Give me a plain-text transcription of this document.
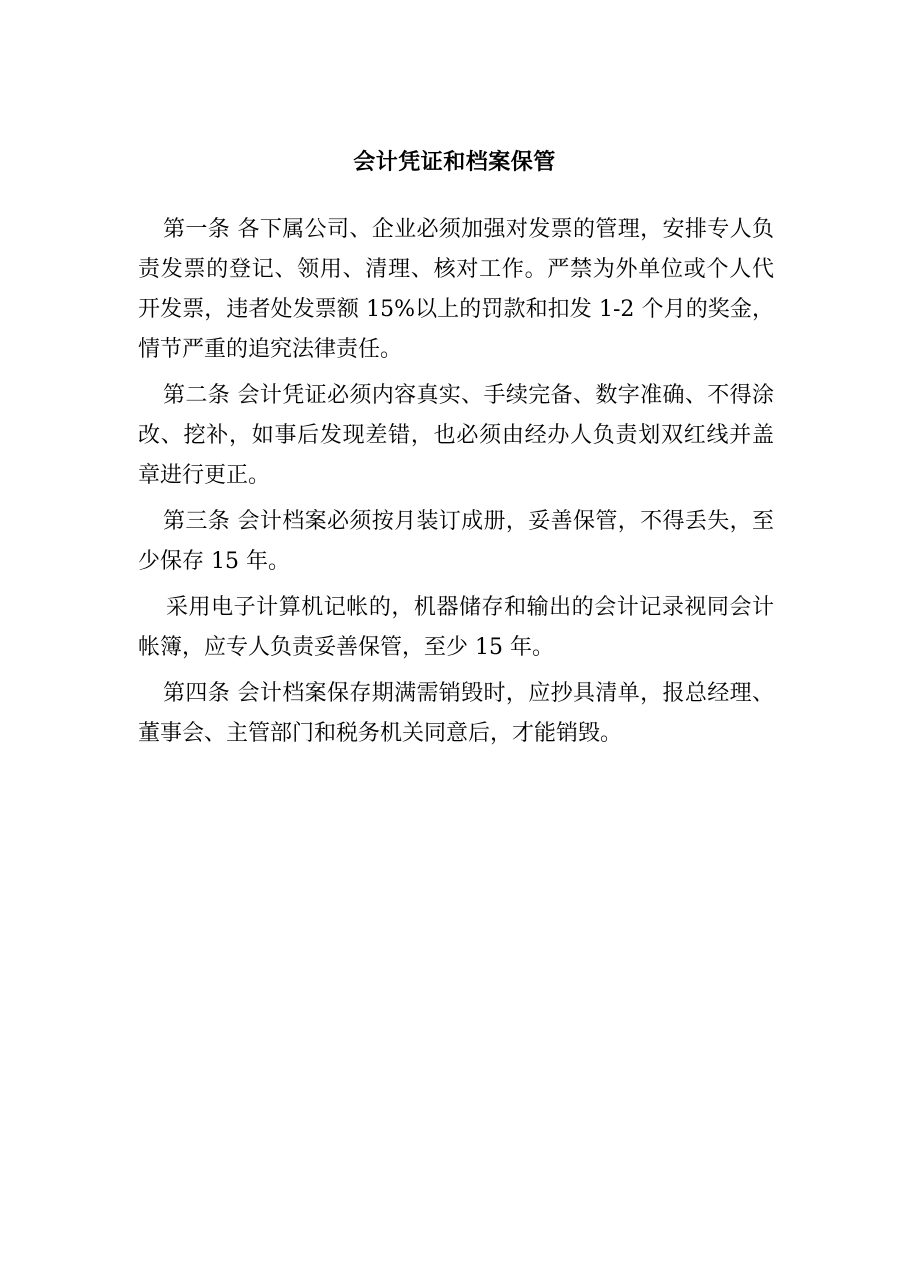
会计凭证和档案保管

第一条 各下属公司、企业必须加强对发票的管理，安排专人负责发票的登记、领用、清理、核对工作。严禁为外单位或个人代开发票，违者处发票额 15%以上的罚款和扣发 1-2 个月的奖金，情节严重的追究法律责任。

第二条 会计凭证必须内容真实、手续完备、数字准确、不得涂改、挖补，如事后发现差错，也必须由经办人负责划双红线并盖章进行更正。

第三条 会计档案必须按月装订成册，妥善保管，不得丢失，至少保存 15 年。

采用电子计算机记帐的，机器储存和输出的会计记录视同会计帐簿，应专人负责妥善保管，至少 15 年。

第四条 会计档案保存期满需销毁时，应抄具清单，报总经理、董事会、主管部门和税务机关同意后，才能销毁。
